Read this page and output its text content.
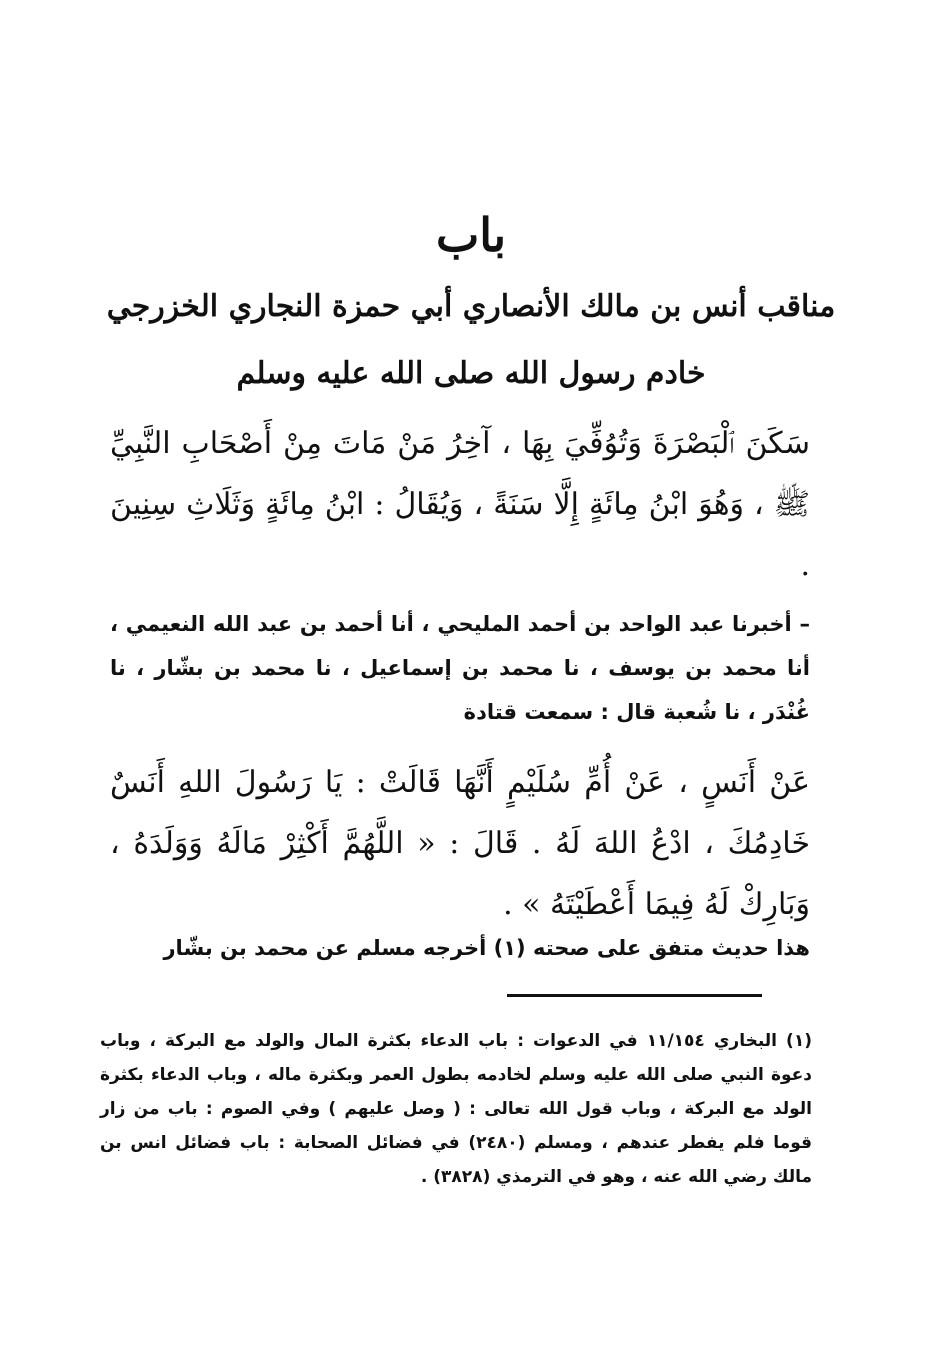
باب
مناقب أنس بن مالك الأنصاري أبي حمزة النجاري الخزرجي
خادم رسول الله صلى الله عليه وسلم
سَكَنَ ٱلْبَصْرَةَ وَتُوُفِّيَ بِهَا ، آخِرُ مَنْ مَاتَ مِنْ أَصْحَابِ النَّبِيِّ ﷺ ، وَهُوَ ابْنُ مِائَةٍ إِلَّا سَنَةً ، وَيُقَالُ : ابْنُ مِائَةٍ وَثَلَاثِ سِنِينَ .
– أخبرنا عبد الواحد بن أحمد المليحي ، أنا أحمد بن عبد الله النعيمي ، أنا محمد بن يوسف ، نا محمد بن إسماعيل ، نا محمد بن بشّار ، نا غُنْدَر ، نا شُعبة قال : سمعت قتادة
عَنْ أَنَسٍ ، عَنْ أُمِّ سُلَيْمٍ أَنَّهَا قَالَتْ : يَا رَسُولَ اللهِ أَنَسٌ خَادِمُكَ ، ادْعُ اللهَ لَهُ . قَالَ : « اللَّهُمَّ أَكْثِرْ مَالَهُ وَوَلَدَهُ ، وَبَارِكْ لَهُ فِيمَا أَعْطَيْتَهُ » .
هذا حديث متفق على صحته (١) أخرجه مسلم عن محمد بن بشّار
(١) البخاري ١١/١٥٤ في الدعوات : باب الدعاء بكثرة المال والولد مع البركة ، وباب دعوة النبي صلى الله عليه وسلم لخادمه بطول العمر وبكثرة ماله ، وباب الدعاء بكثرة الولد مع البركة ، وباب قول الله تعالى : ( وصل عليهم ) وفي الصوم : باب من زار قوما فلم يفطر عندهم ، ومسلم (٢٤٨٠) في فضائل الصحابة : باب فضائل انس بن مالك رضي الله عنه ، وهو في الترمذي (٣٨٢٨) .
